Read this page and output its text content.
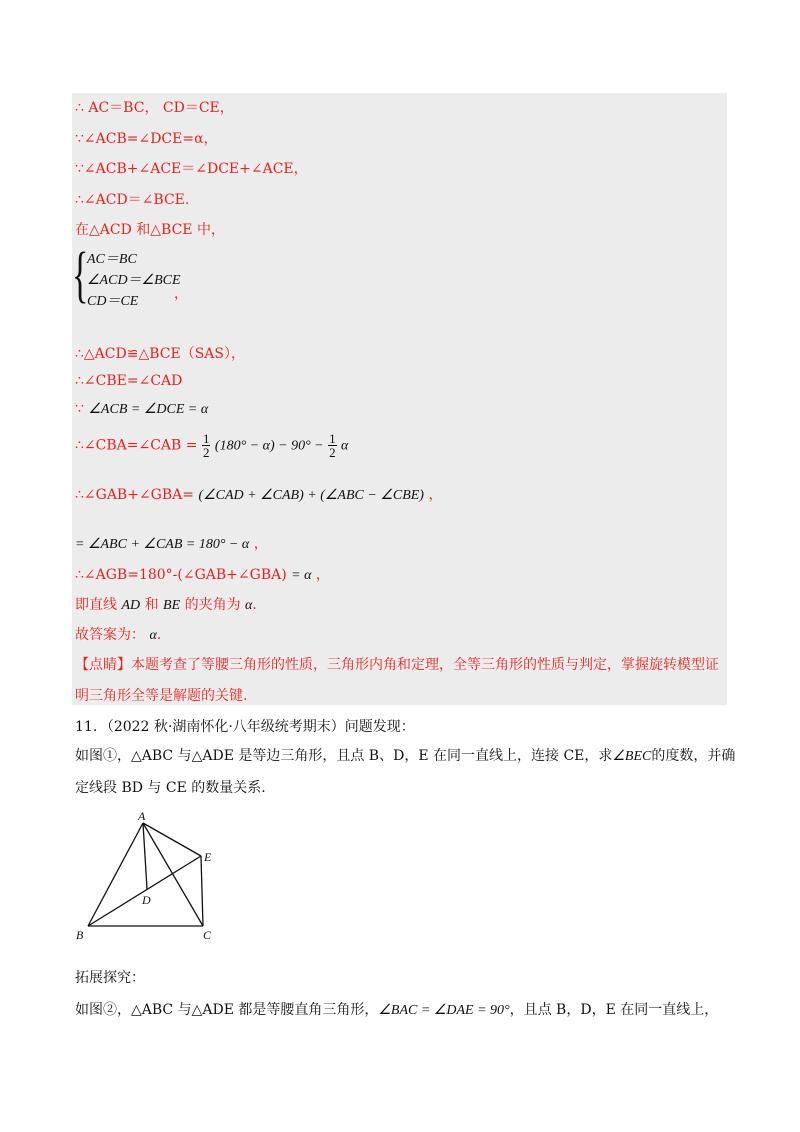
∴ AC＝BC， CD＝CE，
∵∠ACB=∠DCE=α，
∵∠ACB+∠ACE＝∠DCE+∠ACE，
∴∠ACD＝∠BCE.
在△ACD 和△BCE 中，
{
AC＝BC
∠ACD＝∠BCE
CD＝CE	，
∴△ACD≌△BCE（SAS），
∴∠CBE=∠CAD
∵ ∠ACB = ∠DCE = α
∴∠CBA=∠CAB = $\frac{1}{2} (180^\circ - \alpha) - 90^\circ - \frac{1}{2}$ α
∴∠GAB+∠GBA= (∠CAD + ∠CAB) + (∠ABC − ∠CBE) ，
= ∠ABC + ∠CAB = 180° − α ，
∴∠AGB=180°-(∠GAB+∠GBA) = α ，
即直线 AD 和 BE 的夹角为 α.
故答案为： α.
【点睛】本题考查了等腰三角形的性质，三角形内角和定理，全等三角形的性质与判定，掌握旋转模型证
明三角形全等是解题的关键.
11．（2022 秋·湖南怀化·八年级统考期末）问题发现：
如图①，△ABC 与△ADE 是等边三角形，且点 B、D，E 在同一直线上，连接 CE，求∠BEC的度数，并确
定线段 BD 与 CE 的数量关系.
A
B	C
D
E
拓展探究：
如图②，△ABC 与△ADE 都是等腰直角三角形，∠BAC = ∠DAE = 90°，且点 B，D，E 在同一直线上，
